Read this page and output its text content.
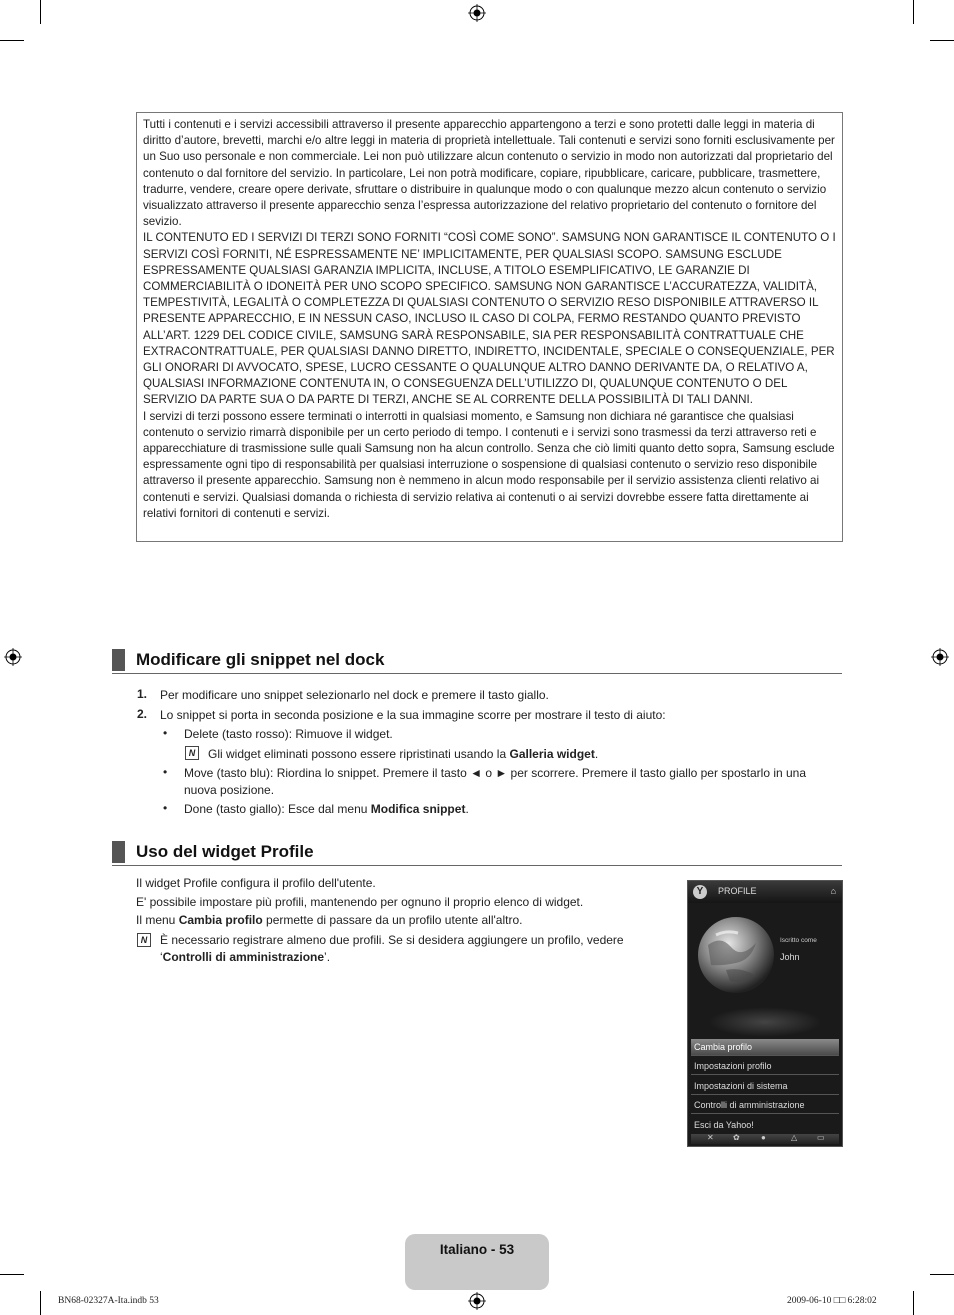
Tutti i contenuti e i servizi accessibili attraverso il presente apparecchio appartengono a terzi e sono protetti dalle leggi in materia di diritto d’autore, brevetti, marchi e/o altre leggi in materia di proprietà intellettuale. Tali contenuti e servizi sono forniti esclusivamente per un Suo uso personale e non commerciale. Lei non può utilizzare alcun contenuto o servizio in modo non autorizzati dal proprietario del contenuto o dal fornitore del servizio. In particolare, Lei non potrà modificare, copiare, ripubblicare, caricare, pubblicare, trasmettere, tradurre, vendere, creare opere derivate, sfruttare o distribuire in qualunque modo o con qualunque mezzo alcun contenuto o servizio visualizzato attraverso il presente apparecchio senza l’espressa autorizzazione del relativo proprietario del contenuto o fornitore del sevizio.

IL CONTENUTO ED I SERVIZI DI TERZI SONO FORNITI “COSÌ COME SONO”. SAMSUNG NON GARANTISCE IL CONTENUTO O I SERVIZI COSÌ FORNITI, NÉ ESPRESSAMENTE NE’ IMPLICITAMENTE, PER QUALSIASI SCOPO. SAMSUNG ESCLUDE ESPRESSAMENTE QUALSIASI GARANZIA IMPLICITA, INCLUSE, A TITOLO ESEMPLIFICATIVO, LE GARANZIE DI COMMERCIABILITÀ O IDONEITÀ PER UNO SCOPO SPECIFICO. SAMSUNG NON GARANTISCE L’ACCURATEZZA, VALIDITÀ, TEMPESTIVITÀ, LEGALITÀ O COMPLETEZZA DI QUALSIASI CONTENUTO O SERVIZIO RESO DISPONIBILE ATTRAVERSO IL PRESENTE APPARECCHIO, E IN NESSUN CASO, INCLUSO IL CASO DI COLPA, FERMO RESTANDO QUANTO PREVISTO ALL’ART. 1229 DEL CODICE CIVILE, SAMSUNG SARÀ RESPONSABILE, SIA PER RESPONSABILITÀ CONTRATTUALE CHE EXTRACONTRATTUALE, PER QUALSIASI DANNO DIRETTO, INDIRETTO, INCIDENTALE, SPECIALE O CONSEQUENZIALE, PER GLI ONORARI DI AVVOCATO, SPESE, LUCRO CESSANTE O QUALUNQUE ALTRO DANNO DERIVANTE DA, O RELATIVO A, QUALSIASI INFORMAZIONE CONTENUTA IN, O CONSEGUENZA DELL’UTILIZZO DI, QUALUNQUE CONTENUTO O DEL SERVIZIO DA PARTE SUA O DA PARTE DI TERZI, ANCHE SE AL CORRENTE DELLA POSSIBILITÀ DI TALI DANNI.

I servizi di terzi possono essere terminati o interrotti in qualsiasi momento, e Samsung non dichiara né garantisce che qualsiasi contenuto o servizio rimarrà disponibile per un certo periodo di tempo. I contenuti e i servizi sono trasmessi da terzi attraverso reti e apparecchiature di trasmissione sulle quali Samsung non ha alcun controllo. Senza che ciò limiti quanto detto sopra, Samsung esclude espressamente ogni tipo di responsabilità per qualsiasi interruzione o sospensione di qualsiasi contenuto o servizio reso disponibile attraverso il presente apparecchio. Samsung non è nemmeno in alcun modo responsabile per il servizio assistenza clienti relativo ai contenuti e servizi. Qualsiasi domanda o richiesta di servizio relativa ai contenuti o ai servizi dovrebbe essere fatta direttamente ai relativi fornitori di contenuti e servizi.

Modificare gli snippet nel dock
1. Per modificare uno snippet selezionarlo nel dock e premere il tasto giallo.
2. Lo snippet si porta in seconda posizione e la sua immagine scorre per mostrare il testo di aiuto:
• Delete (tasto rosso): Rimuove il widget.
N	Gli widget eliminati possono essere ripristinati usando la Galleria widget.
• Move (tasto blu): Riordina lo snippet. Premere il tasto ◄ o ► per scorrere. Premere il tasto giallo per spostarlo in una
nuova posizione.
• Done (tasto giallo): Esce dal menu Modifica snippet.
Uso del widget Profile
Il widget Profile configura il profilo dell'utente.
E' possibile impostare più profili, mantenendo per ognuno il proprio elenco di widget.
Il menu Cambia profilo permette di passare da un profilo utente all'altro.
N	È necessario registrare almeno due profili. Se si desidera aggiungere un profilo, vedere
‘Controlli di amministrazione’.
Y	PROFILE	⌂
Iscritto come
John
Cambia profilo
Impostazioni profilo
Impostazioni di sistema
Controlli di amministrazione
Esci da Yahoo!
✕ ✿	●	△ ▭
Italiano - 53
BN68-02327A-Ita.indb 53	2009-06-10 □□ 6:28:02
